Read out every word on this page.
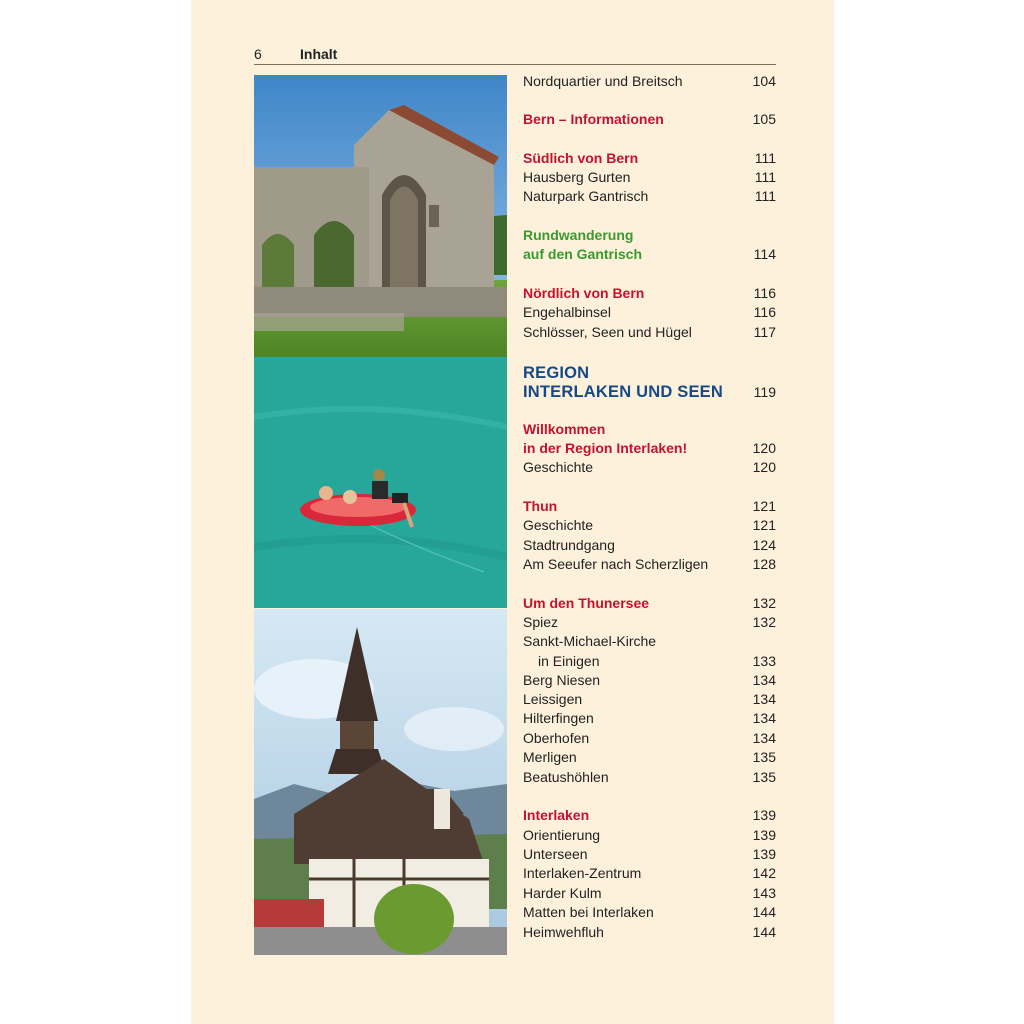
6	Inhalt
Nordquartier und Breitsch	104
Bern – Informationen	105
Südlich von Bern	111
Hausberg Gurten	111
Naturpark Gantrisch	111
Rundwanderung
auf den Gantrisch	114
Nördlich von Bern	116
Engehalbinsel	116
Schlösser, Seen und Hügel	117
REGION
INTERLAKEN UND SEEN 119
Willkommen
in der Region Interlaken!	120
Geschichte	120
Thun	121
Geschichte	121
Stadtrundgang	124
Am Seeufer nach Scherzligen	128
Um den Thunersee	132
Spiez	132
Sankt-Michael-Kirche
in Einigen	133
Berg Niesen	134
Leissigen	134
Hilterfingen	134
Oberhofen	134
Merligen	135
Beatushöhlen	135
Interlaken	139
Orientierung	139
Unterseen	139
Interlaken-Zentrum	142
Harder Kulm	143
Matten bei Interlaken	144
Heimwehfluh	144
